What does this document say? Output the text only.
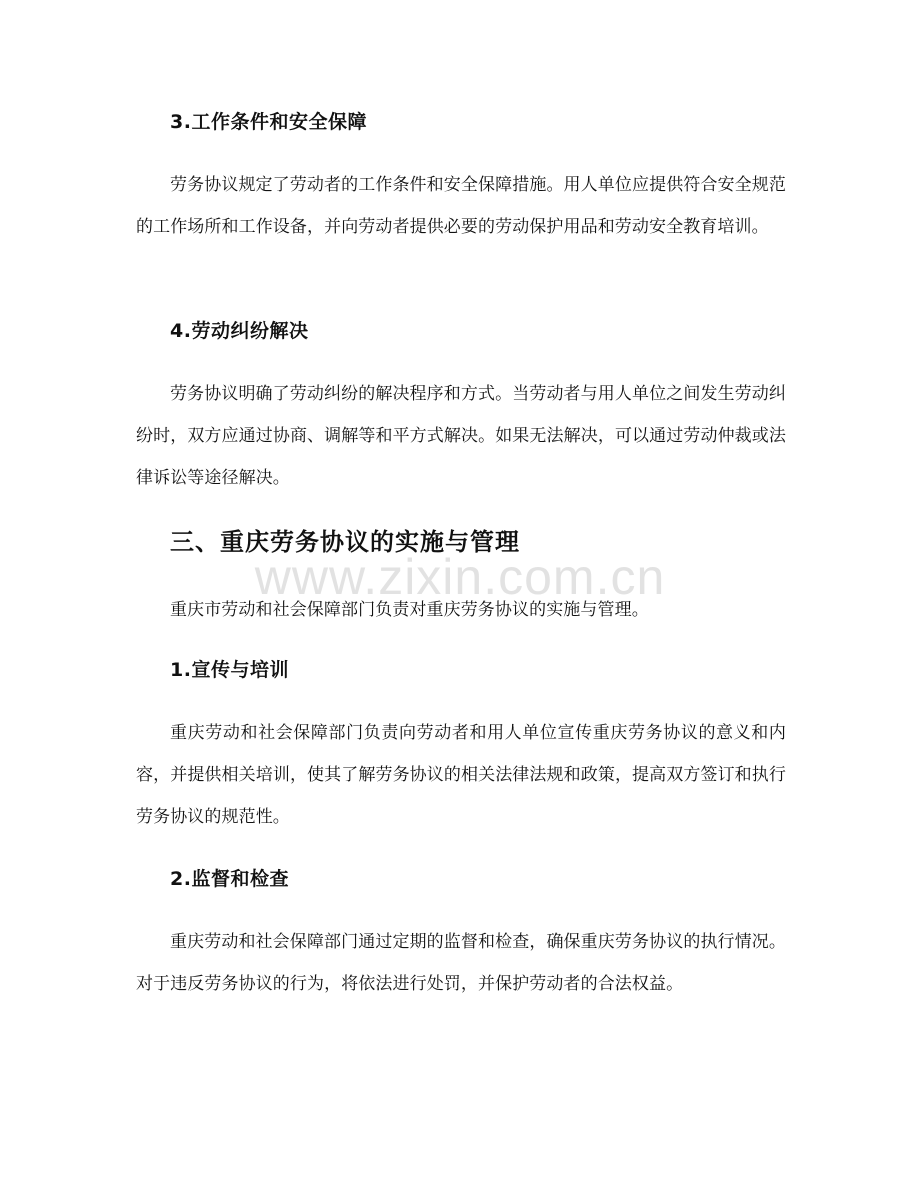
3.工作条件和安全保障

劳务协议规定了劳动者的工作条件和安全保障措施。用人单位应提供符合安全规范的工作场所和工作设备，并向劳动者提供必要的劳动保护用品和劳动安全教育培训。

4.劳动纠纷解决

劳务协议明确了劳动纠纷的解决程序和方式。当劳动者与用人单位之间发生劳动纠纷时，双方应通过协商、调解等和平方式解决。如果无法解决，可以通过劳动仲裁或法律诉讼等途径解决。

三、重庆劳务协议的实施与管理
www.zixin.com.cn

重庆市劳动和社会保障部门负责对重庆劳务协议的实施与管理。

1.宣传与培训

重庆劳动和社会保障部门负责向劳动者和用人单位宣传重庆劳务协议的意义和内容，并提供相关培训，使其了解劳务协议的相关法律法规和政策，提高双方签订和执行劳务协议的规范性。

2.监督和检查

重庆劳动和社会保障部门通过定期的监督和检查，确保重庆劳务协议的执行情况。对于违反劳务协议的行为，将依法进行处罚，并保护劳动者的合法权益。
